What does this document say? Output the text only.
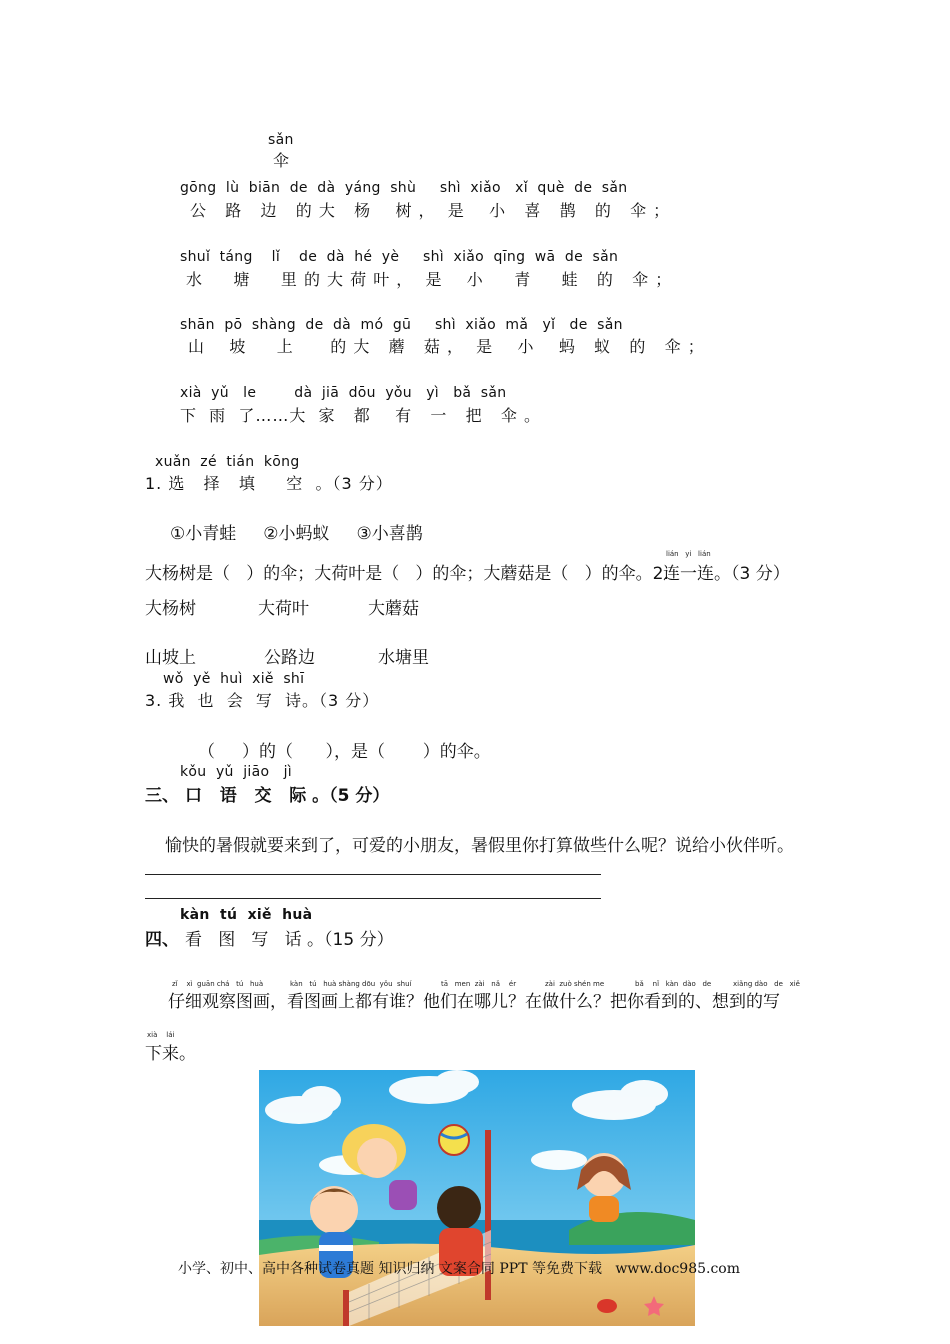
sǎn
伞
gōng  lù  biān  de  dà  yáng  shù     shì  xiǎo   xǐ  què  de  sǎn
公   路   边   的 大   杨    树 ，  是    小   喜   鹊   的   伞 ；
shuǐ  táng    lǐ    de  dà  hé  yè     shì  xiǎo  qīng  wā  de  sǎn
水     塘     里 的 大 荷 叶 ，  是    小     青     蛙   的   伞 ；
shān  pō  shàng  de  dà  mó  gū     shì  xiǎo  mǎ   yǐ   de  sǎn
山    坡     上      的 大   蘑   菇 ，  是    小    蚂   蚁   的   伞 ；
xià  yǔ   le        dà  jiā  dōu  yǒu   yì   bǎ  sǎn
下  雨  了……大  家   都    有   一   把   伞 。
xuǎn  zé  tián  kōng
1. 选   择   填     空  。（3 分）
①小青蛙     ②小蚂蚁     ③小喜鹊
大杨树是（   ）的伞；大荷叶是（   ）的伞；大蘑菇是（   ）的伞。2.
lián   yi   lián
连一连。（3 分）
大杨树	大荷叶	大蘑菇
山坡上	公路边	水塘里
wǒ  yě  huì  xiě  shī
3. 我  也  会  写  诗。（3 分）
（     ）的（      ），是（       ）的伞。
kǒu  yǔ  jiāo   jì
三、 口   语   交   际 。（5 分）
愉快的暑假就要来到了，可爱的小朋友，暑假里你打算做些什么呢？说给小伙伴听。
kàn  tú  xiě  huà
四、 看   图   写   话 。（15 分）
zǐ    xì  guān chá   tú   huà	kàn   tú   huà shàng dōu  yǒu  shuí	tā   men  zài   nǎ    ér	zài  zuò shén me	bǎ    nǐ   kàn  dào   de	xiǎng dào   de   xiě
仔细观察图画，看图画上都有谁？他们在哪儿？在做什么？把你看到的、想到的写
xià    lái
下来。
小学、初中、高中各种试卷真题 知识归纳 文案合同 PPT 等免费下载   www.doc985.com
